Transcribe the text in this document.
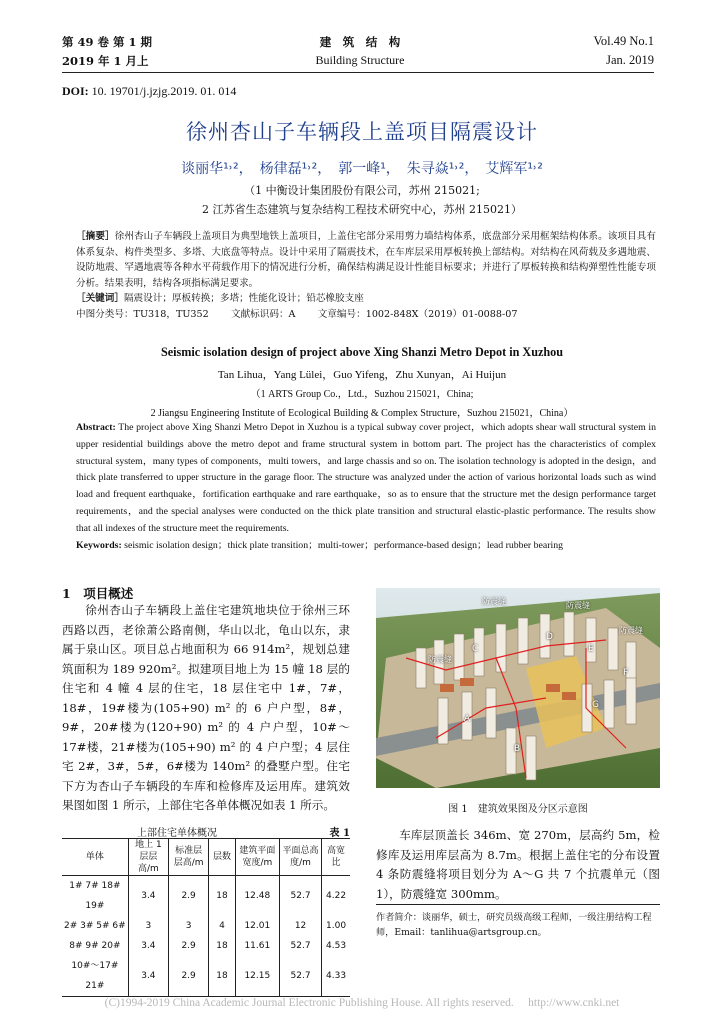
第 49 卷 第 1 期
2019 年 1 月上
建　筑　结　构
Building Structure
Vol.49 No.1
Jan. 2019
DOI: 10. 19701/j.jzjg.2019. 01. 014
徐州杏山子车辆段上盖项目隔震设计
谈丽华¹˒²，　杨律磊¹˒²，　郭一峰¹，　朱寻焱¹˒²，　艾辉军¹˒²
（1 中衡设计集团股份有限公司，苏州 215021;
2 江苏省生态建筑与复杂结构工程技术研究中心，苏州 215021）
［摘要］徐州杏山子车辆段上盖项目为典型地铁上盖项目，上盖住宅部分采用剪力墙结构体系，底盘部分采用框架结构体系。该项目具有体系复杂、构件类型多、多塔、大底盘等特点。设计中采用了隔震技术，在车库层采用厚板转换上部结构。对结构在风荷载及多遇地震、设防地震、罕遇地震等各种水平荷载作用下的情况进行分析，确保结构满足设计性能目标要求；并进行了厚板转换和结构弹塑性性能专项分析。结果表明，结构各项指标满足要求。
［关键词］隔震设计；厚板转换；多塔；性能化设计；铅芯橡胶支座
中图分类号：TU318，TU352　　 文献标识码：A　　 文章编号：1002-848X（2019）01-0088-07
Seismic isolation design of project above Xing Shanzi Metro Depot in Xuzhou
Tan Lihua，Yang Lülei，Guo Yifeng，Zhu Xunyan，Ai Huijun
（1 ARTS Group Co.，Ltd.，Suzhou 215021，China;
2 Jiangsu Engineering Institute of Ecological Building & Complex Structure，Suzhou 215021，China）
Abstract: The project above Xing Shanzi Metro Depot in Xuzhou is a typical subway cover project，which adopts shear wall structural system in upper residential buildings above the metro depot and frame structural system in bottom part. The project has the characteristics of complex structural system，many types of components，multi towers，and large chassis and so on. The isolation technology is adopted in the design，and thick plate transferred to upper structure in the garage floor. The structure was analyzed under the action of various horizontal loads such as wind load and frequent earthquake，fortification earthquake and rare earthquake，so as to ensure that the structure met the design performance target requirements，and the special analyses were conducted on the thick plate transition and structural elastic-plastic performance. The results show that all indexes of the structure meet the requirements.
Keywords: seismic isolation design；thick plate transition；multi-tower；performance-based design；lead rubber bearing
1　项目概述
徐州杏山子车辆段上盖住宅建筑地块位于徐州三环西路以西，老徐萧公路南侧，华山以北，龟山以东，隶属于泉山区。项目总占地面积为 66 914m²，规划总建筑面积为 189 920m²。拟建项目地上为 15 幢 18 层的住宅和 4 幢 4 层的住宅，18 层住宅中 1#，7#，18#，19#楼为(105+90) m² 的 6 户户型，8#，9#，20#楼为(120+90) m² 的 4 户户型，10#～17#楼，21#楼为(105+90) m² 的 4 户户型；4 层住宅 2#，3#，5#，6#楼为 140m² 的叠墅户型。住宅下方为杏山子车辆段的车库和检修库及运用库。建筑效果图如图 1 所示，上部住宅各单体概况如表 1 所示。
上部住宅单体概况	表 1
单体	地上 1 层层高/m	标准层层高/m	层数	建筑平面宽度/m	平面总高度/m	高宽比
1# 7# 18# 19#	3.4	2.9	18	12.48	52.7	4.22
2# 3# 5# 6#	3	3	4	12.01	12	1.00
8# 9# 20#	3.4	2.9	18	11.61	52.7	4.53
10#～17# 21#	3.4	2.9	18	12.15	52.7	4.33
防震缝	防震缝
防震缝
防震缝
C
D
E
F
G
A
B
图 1　建筑效果图及分区示意图
车库层顶盖长 346m、宽 270m，层高约 5m，检修库及运用库层高为 8.7m。根据上盖住宅的分布设置 4 条防震缝将项目划分为 A～G 共 7 个抗震单元（图 1），防震缝宽 300mm。
作者简介：谈丽华，硕士，研究员级高级工程师，一级注册结构工程师，Email：tanlihua@artsgroup.cn。
(C)1994-2019 China Academic Journal Electronic Publishing House. All rights reserved.　 http://www.cnki.net
